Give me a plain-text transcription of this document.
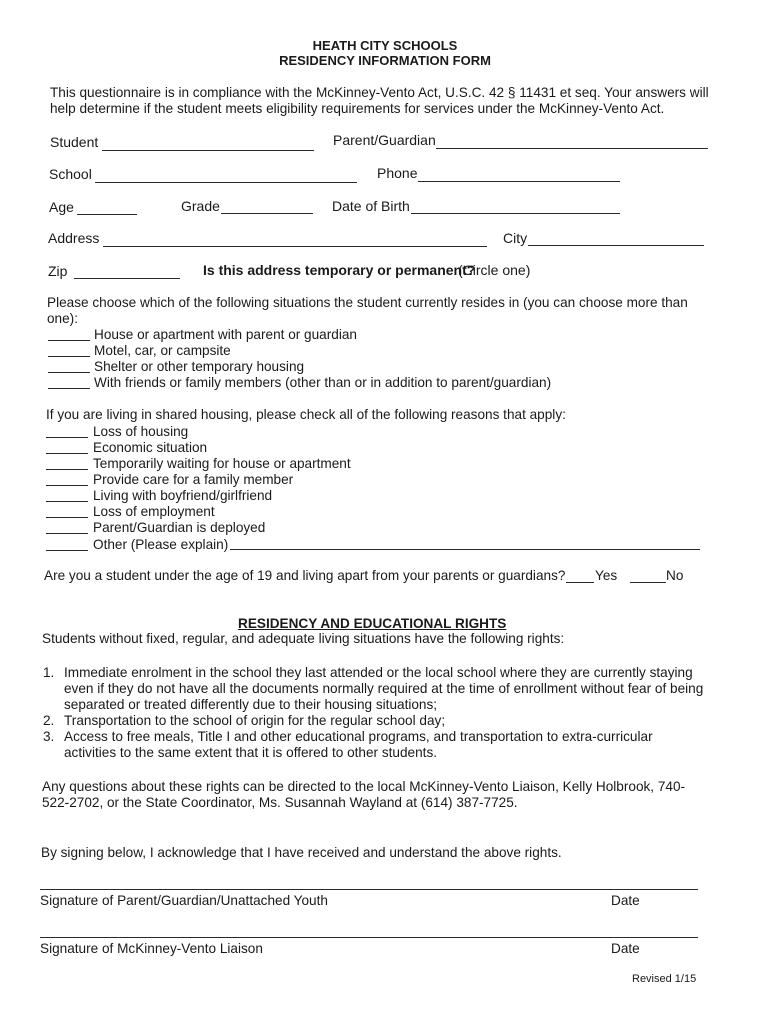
HEATH CITY SCHOOLS
RESIDENCY INFORMATION FORM
This questionnaire is in compliance with the McKinney-Vento Act, U.S.C. 42 § 11431 et seq. Your answers will
help determine if the student meets eligibility requirements for services under the McKinney-Vento Act.
Student	Parent/Guardian
School	Phone
Age	Grade	Date of Birth
Address	City
Zip	Is this address temporary or permanent?
(Circle one)
Please choose which of the following situations the student currently resides in (you can choose more than
one):
House or apartment with parent or guardian
Motel, car, or campsite
Shelter or other temporary housing
With friends or family members (other than or in addition to parent/guardian)
If you are living in shared housing, please check all of the following reasons that apply:
Loss of housing
Economic situation
Temporarily waiting for house or apartment
Provide care for a family member
Living with boyfriend/girlfriend
Loss of employment
Parent/Guardian is deployed
Other (Please explain)
Are you a student under the age of 19 and living apart from your parents or guardians? Yes	No
RESIDENCY AND EDUCATIONAL RIGHTS
Students without fixed, regular, and adequate living situations have the following rights:
1. Immediate enrolment in the school they last attended or the local school where they are currently staying
even if they do not have all the documents normally required at the time of enrollment without fear of being
separated or treated differently due to their housing situations;
2. Transportation to the school of origin for the regular school day;
3. Access to free meals, Title I and other educational programs, and transportation to extra-curricular
activities to the same extent that it is offered to other students.
Any questions about these rights can be directed to the local McKinney-Vento Liaison, Kelly Holbrook, 740-
522-2702, or the State Coordinator, Ms. Susannah Wayland at (614) 387-7725.
By signing below, I acknowledge that I have received and understand the above rights.
Signature of Parent/Guardian/Unattached Youth	Date
Signature of McKinney-Vento Liaison	Date
Revised 1/15
